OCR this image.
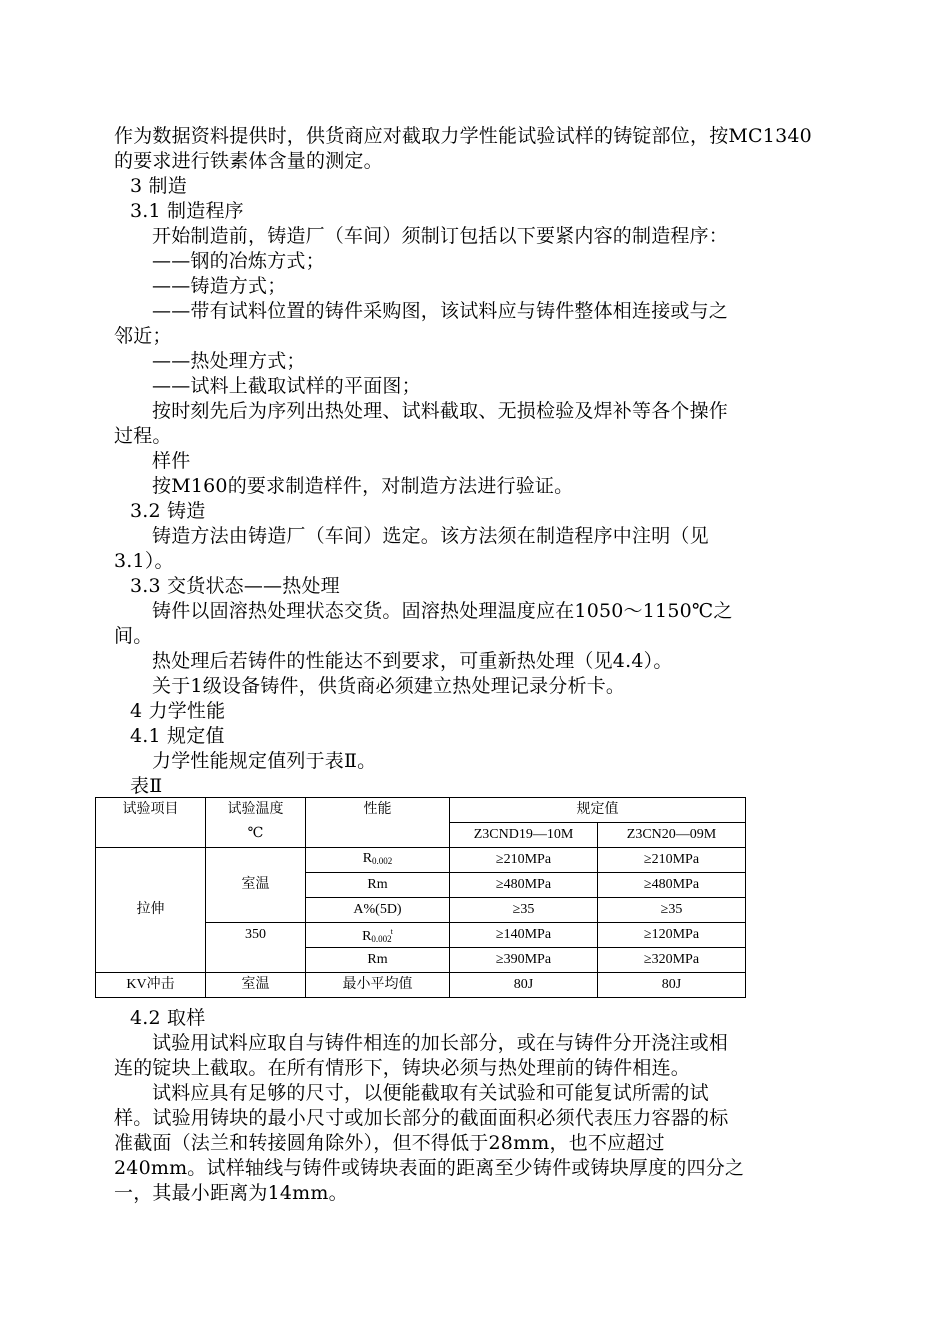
作为数据资料提供时，供货商应对截取力学性能试验试样的铸锭部位，按MC1340的要求进行铁素体含量的测定。

3 制造

3.1 制造程序

开始制造前，铸造厂（车间）须制订包括以下要紧内容的制造程序：

——钢的冶炼方式；

——铸造方式；

——带有试料位置的铸件采购图，该试料应与铸件整体相连接或与之

邻近；

——热处理方式；

——试料上截取试样的平面图；

按时刻先后为序列出热处理、试料截取、无损检验及焊补等各个操作

过程。

样件

按M160的要求制造样件，对制造方法进行验证。

3.2 铸造

铸造方法由铸造厂（车间）选定。该方法须在制造程序中注明（见

3.1）。

3.3 交货状态——热处理

铸件以固溶热处理状态交货。固溶热处理温度应在1050～1150℃之

间。

热处理后若铸件的性能达不到要求，可重新热处理（见4.4）。

关于1级设备铸件，供货商必须建立热处理记录分析卡。

4 力学性能

4.1 规定值

力学性能规定值列于表Ⅱ。

表Ⅱ

试验项目	试验温度
℃	性能	规定值	
			Z3CND19—10M	Z3CN20—09M
拉伸	室温	$R_{0.002}$	≥210MPa	≥210MPa
		Rm	≥480MPa	≥480MPa
		A%(5D)	≥35	≥35
	350	$R_{0.002}^t$	≥140MPa	≥120MPa
		Rm	≥390MPa	≥320MPa
KV冲击	室温	最小平均值	80J	80J

4.2 取样

试验用试料应取自与铸件相连的加长部分，或在与铸件分开浇注或相

连的锭块上截取。在所有情形下，铸块必须与热处理前的铸件相连。

试料应具有足够的尺寸，以便能截取有关试验和可能复试所需的试

样。试验用铸块的最小尺寸或加长部分的截面面积必须代表压力容器的标

准截面（法兰和转接圆角除外），但不得低于28mm，也不应超过

240mm。试样轴线与铸件或铸块表面的距离至少铸件或铸块厚度的四分之

一，其最小距离为14mm。
